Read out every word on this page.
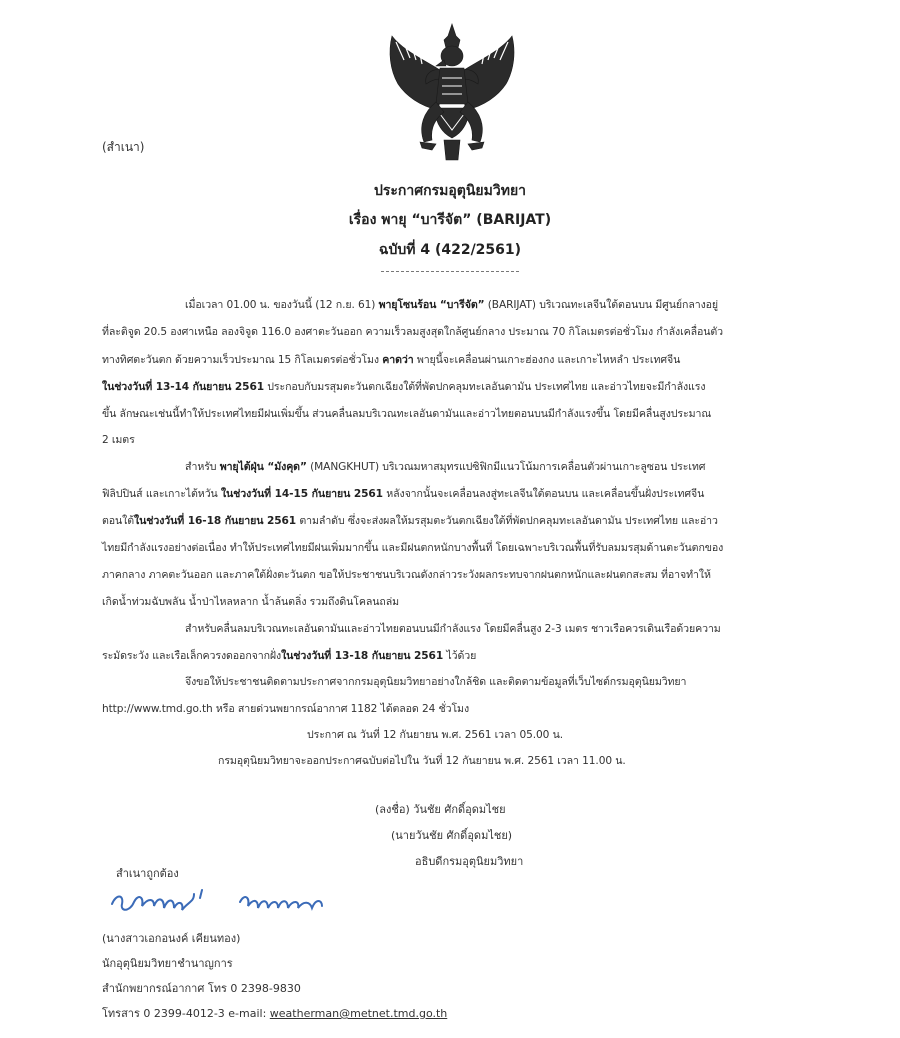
(สำเนา)
ประกาศกรมอุตุนิยมวิทยา
เรื่อง พายุ “บารีจัต” (BARIJAT)
ฉบับที่ 4 (422/2561)
เมื่อเวลา 01.00 น. ของวันนี้ (12 ก.ย. 61) พายุโซนร้อน “บารีจัต” (BARIJAT) บริเวณทะเลจีนใต้ตอนบน มีศูนย์กลางอยู่
ที่ละติจูด 20.5 องศาเหนือ ลองจิจูด 116.0 องศาตะวันออก ความเร็วลมสูงสุดใกล้ศูนย์กลาง ประมาณ 70 กิโลเมตรต่อชั่วโมง กำลังเคลื่อนตัว
ทางทิศตะวันตก ด้วยความเร็วประมาณ 15 กิโลเมตรต่อชั่วโมง คาดว่า พายุนี้จะเคลื่อนผ่านเกาะฮ่องกง และเกาะไหหลำ ประเทศจีน
ในช่วงวันที่ 13-14 กันยายน 2561 ประกอบกับมรสุมตะวันตกเฉียงใต้ที่พัดปกคลุมทะเลอันดามัน ประเทศไทย และอ่าวไทยจะมีกำลังแรง
ขึ้น ลักษณะเช่นนี้ทำให้ประเทศไทยมีฝนเพิ่มขึ้น ส่วนคลื่นลมบริเวณทะเลอันดามันและอ่าวไทยตอนบนมีกำลังแรงขึ้น โดยมีคลื่นสูงประมาณ
2 เมตร
สำหรับ พายุไต้ฝุ่น “มังคุด” (MANGKHUT) บริเวณมหาสมุทรแปซิฟิกมีแนวโน้มการเคลื่อนตัวผ่านเกาะลูซอน ประเทศ
ฟิลิปปินส์ และเกาะไต้หวัน ในช่วงวันที่ 14-15 กันยายน 2561 หลังจากนั้นจะเคลื่อนลงสู่ทะเลจีนใต้ตอนบน และเคลื่อนขึ้นฝั่งประเทศจีน
ตอนใต้ในช่วงวันที่ 16-18 กันยายน 2561 ตามลำดับ ซึ่งจะส่งผลให้มรสุมตะวันตกเฉียงใต้ที่พัดปกคลุมทะเลอันดามัน ประเทศไทย และอ่าว
ไทยมีกำลังแรงอย่างต่อเนื่อง ทำให้ประเทศไทยมีฝนเพิ่มมากขึ้น และมีฝนตกหนักบางพื้นที่ โดยเฉพาะบริเวณพื้นที่รับลมมรสุมด้านตะวันตกของ
ภาคกลาง ภาคตะวันออก และภาคใต้ฝั่งตะวันตก ขอให้ประชาชนบริเวณดังกล่าวระวังผลกระทบจากฝนตกหนักและฝนตกสะสม ที่อาจทำให้
เกิดน้ำท่วมฉับพลัน น้ำป่าไหลหลาก น้ำล้นตลิ่ง รวมถึงดินโคลนถล่ม
สำหรับคลื่นลมบริเวณทะเลอันดามันและอ่าวไทยตอนบนมีกำลังแรง โดยมีคลื่นสูง 2-3 เมตร ชาวเรือควรเดินเรือด้วยความ
ระมัดระวัง และเรือเล็กควรงดออกจากฝั่งในช่วงวันที่ 13-18 กันยายน 2561 ไว้ด้วย
จึงขอให้ประชาชนติดตามประกาศจากกรมอุตุนิยมวิทยาอย่างใกล้ชิด และติดตามข้อมูลที่เว็บไซต์กรมอุตุนิยมวิทยา
http://www.tmd.go.th หรือ สายด่วนพยากรณ์อากาศ 1182 ได้ตลอด 24 ชั่วโมง
ประกาศ ณ วันที่ 12 กันยายน พ.ศ. 2561 เวลา 05.00 น.
กรมอุตุนิยมวิทยาจะออกประกาศฉบับต่อไปใน วันที่ 12 กันยายน พ.ศ. 2561 เวลา 11.00 น.
(ลงชื่อ) วันชัย ศักดิ์อุดมไชย
(นายวันชัย ศักดิ์อุดมไชย)
อธิบดีกรมอุตุนิยมวิทยา
สำเนาถูกต้อง
(นางสาวเอกอนงค์ เคียนทอง)
นักอุตุนิยมวิทยาชำนาญการ
สำนักพยากรณ์อากาศ โทร 0 2398-9830
โทรสาร 0 2399-4012-3 e-mail: weatherman@metnet.tmd.go.th
